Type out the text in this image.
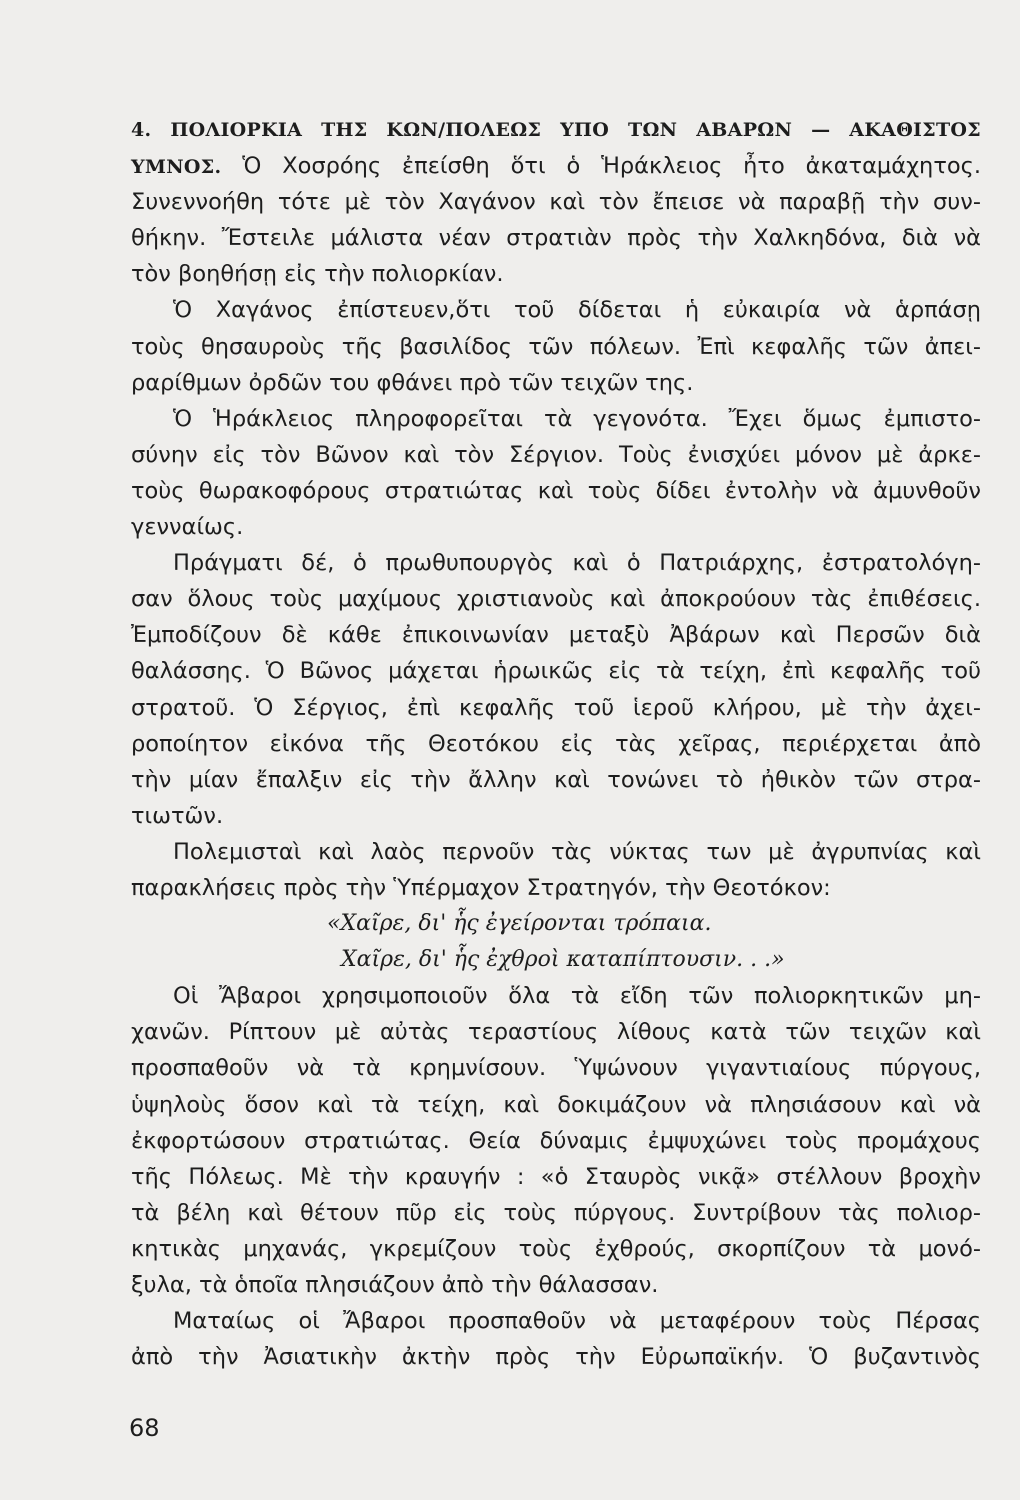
4. ΠΟΛΙΟΡΚΙΑ ΤΗΣ ΚΩΝ/ΠΟΛΕΩΣ ΥΠΟ ΤΩΝ ΑΒΑΡΩΝ — ΑΚΑΘΙΣΤΟΣ
ΥΜΝΟΣ. Ὁ Χοσρόης ἐπείσθη ὅτι ὁ Ἡράκλειος ἦτο ἀκαταμάχητος.
Συνεννοήθη τότε μὲ τὸν Χαγάνον καὶ τὸν ἔπεισε νὰ παραβῇ τὴν συν-
θήκην. Ἔστειλε μάλιστα νέαν στρατιὰν πρὸς τὴν Χαλκηδόνα, διὰ νὰ
τὸν βοηθήσῃ εἰς τὴν πολιορκίαν.
Ὁ Χαγάνος ἐπίστευεν,ὅτι τοῦ δίδεται ἡ εὐκαιρία νὰ ἁρπάσῃ
τοὺς θησαυροὺς τῆς βασιλίδος τῶν πόλεων. Ἐπὶ κεφαλῆς τῶν ἀπει-
ραρίθμων ὀρδῶν του φθάνει πρὸ τῶν τειχῶν της.
Ὁ Ἡράκλειος πληροφορεῖται τὰ γεγονότα. Ἔχει ὅμως ἐμπιστο-
σύνην εἰς τὸν Βῶνον καὶ τὸν Σέργιον. Τοὺς ἐνισχύει μόνον μὲ ἀρκε-
τοὺς θωρακοφόρους στρατιώτας καὶ τοὺς δίδει ἐντολὴν νὰ ἀμυνθοῦν
γενναίως.
Πράγματι δέ, ὁ πρωθυπουργὸς καὶ ὁ Πατριάρχης, ἐστρατολόγη-
σαν ὅλους τοὺς μαχίμους χριστιανοὺς καὶ ἀποκρούουν τὰς ἐπιθέσεις.
Ἐμποδίζουν δὲ κάθε ἐπικοινωνίαν μεταξὺ Ἀβάρων καὶ Περσῶν διὰ
θαλάσσης. Ὁ Βῶνος μάχεται ἡρωικῶς εἰς τὰ τείχη, ἐπὶ κεφαλῆς τοῦ
στρατοῦ. Ὁ Σέργιος, ἐπὶ κεφαλῆς τοῦ ἱεροῦ κλήρου, μὲ τὴν ἀχει-
ροποίητον εἰκόνα τῆς Θεοτόκου εἰς τὰς χεῖρας, περιέρχεται ἀπὸ
τὴν μίαν ἔπαλξιν εἰς τὴν ἄλλην καὶ τονώνει τὸ ἠθικὸν τῶν στρα-
τιωτῶν.
Πολεμισταὶ καὶ λαὸς περνοῦν τὰς νύκτας των μὲ ἀγρυπνίας καὶ
παρακλήσεις πρὸς τὴν Ὑπέρμαχον Στρατηγόν, τὴν Θεοτόκον:
«Χαῖρε, δι' ἧς ἐγείρονται τρόπαια.
Χαῖρε, δι' ἧς ἐχθροὶ καταπίπτουσιν. . .»
Οἱ Ἄβαροι χρησιμοποιοῦν ὅλα τὰ εἴδη τῶν πολιορκητικῶν μη-
χανῶν. Ρίπτουν μὲ αὐτὰς τεραστίους λίθους κατὰ τῶν τειχῶν καὶ
προσπαθοῦν νὰ τὰ κρημνίσουν. Ὑψώνουν γιγαντιαίους πύργους,
ὑψηλοὺς ὅσον καὶ τὰ τείχη, καὶ δοκιμάζουν νὰ πλησιάσουν καὶ νὰ
ἐκφορτώσουν στρατιώτας. Θεία δύναμις ἐμψυχώνει τοὺς προμάχους
τῆς Πόλεως. Μὲ τὴν κραυγήν : «ὁ Σταυρὸς νικᾷ» στέλλουν βροχὴν
τὰ βέλη καὶ θέτουν πῦρ εἰς τοὺς πύργους. Συντρίβουν τὰς πολιορ-
κητικὰς μηχανάς, γκρεμίζουν τοὺς ἐχθρούς, σκορπίζουν τὰ μονό-
ξυλα, τὰ ὁποῖα πλησιάζουν ἀπὸ τὴν θάλασσαν.
Ματαίως οἱ Ἄβαροι προσπαθοῦν νὰ μεταφέρουν τοὺς Πέρσας
ἀπὸ τὴν Ἀσιατικὴν ἀκτὴν πρὸς τὴν Εὐρωπαϊκήν. Ὁ βυζαντινὸς
68
